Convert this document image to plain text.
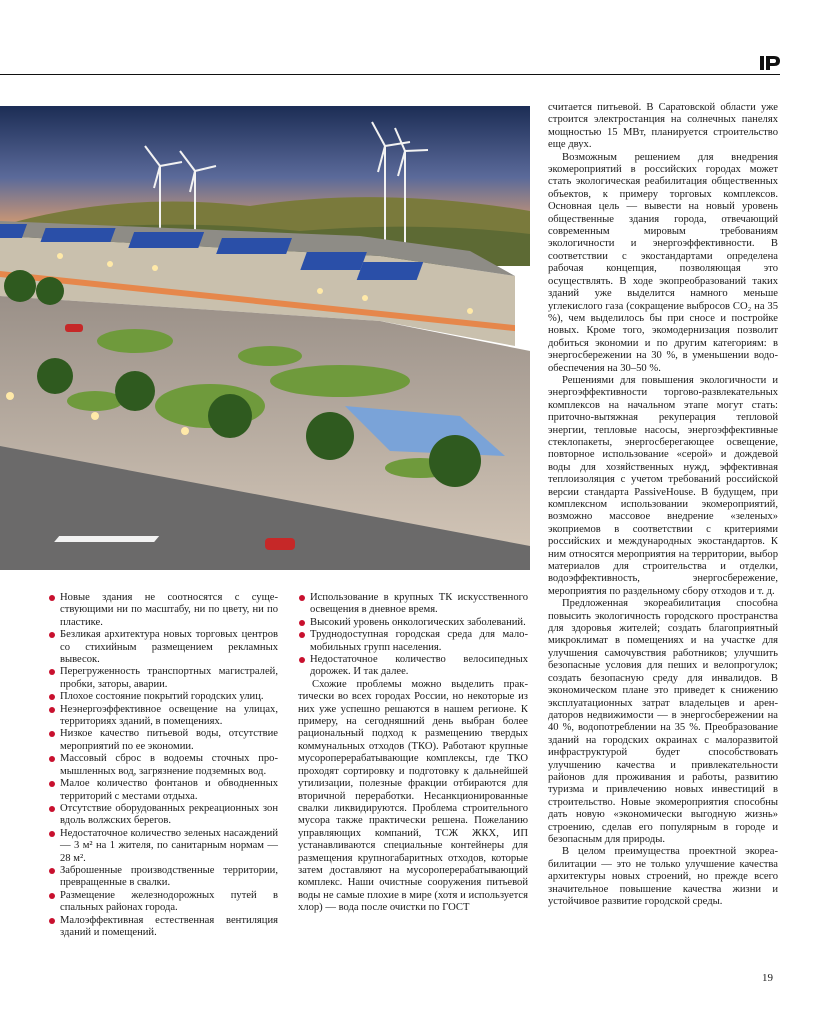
Новые здания не соотносятся с существующими ни по масштабу, ни по цвету, ни по пластике.

Безликая архитектура новых торговых центров со стихийным размещением рекламных вывесок.

Перегруженность транспортных магистралей, пробки, заторы, аварии.

Плохое состояние покрытий городских улиц.

Неэнергоэффективное освещение на улицах, территориях зданий, в помещениях.

Низкое качество питьевой воды, отсутствие мероприятий по ее экономии.

Массовый сброс в водоемы сточных промышленных вод, загрязнение подземных вод.

Малое количество фонтанов и обводненных территорий с местами отдыха.

Отсутствие оборудованных рекреационных зон вдоль волжских берегов.

Недостаточное количество зеленых насаждений — 3 м² на 1 жителя, по санитарным нормам — 28 м².

Заброшенные производственные территории, превращенные в свалки.

Размещение железнодорожных путей в спальных районах города.

Малоэффективная естественная вентиляция зданий и помещений.

Использование в крупных ТК искусственного освещения в дневное время.

Высокий уровень онкологических заболеваний.

Труднодоступная городская среда для маломобильных групп населения.

Недостаточное количество велосипедных дорожек. И так далее.

Схожие проблемы можно выделить практически во всех городах России, но некоторые из них уже успешно решаются в нашем регионе. К примеру, на сегодняшний день выбран более рациональный подход к размещению твердых коммунальных отходов (ТКО). Работают крупные мусороперерабатывающие комплексы, где ТКО проходят сортировку и подготовку к дальнейшей утилизации, полезные фракции отбираются для вторичной переработки. Несанкционированные свалки ликвидируются. Проблема строительного мусора также практически решена. Пожеланию управляющих компаний, ТСЖ ЖКХ, ИП устанавливаются специальные контейнеры для размещения крупногабаритных отходов, которые затем доставляют на мусороперерабатывающий комплекс. Наши очистные сооружения питьевой воды не самые плохие в мире (хотя и используется хлор) — вода после очистки по ГОСТ

считается питьевой. В Саратовской области уже строится электростанция на солнечных панелях мощностью 15 МВт, планируется строительство еще двух.

Возможным решением для внедрения экомероприятий в российских городах может стать экологическая реабилитация общественных объектов, к примеру торговых комплексов. Основная цель — вывести на новый уровень общественные здания города, отвечающий современным мировым требованиям экологичности и энергоэффективности. В соответствии с экостандартами определена рабочая концепция, позволяющая это осуществлять. В ходе экопреобразований таких зданий уже выделится намного меньше углекислого газа (сокращение выбросов CO₂ на 35 %), чем выделилось бы при сносе и постройке новых. Кроме того, экомодернизация позволит добиться экономии и по другим категориям: в энергосбережении на 30 %, в уменьшении водообеспечения на 30–50 %.

Решениями для повышения экологичности и энергоэффективности торгово-развлекательных комплексов на начальном этапе могут стать: приточно-вытяжная рекуперация тепловой энергии, тепловые насосы, энергоэффективные стеклопакеты, энергосберегающее освещение, повторное использование «серой» и дождевой воды для хозяйственных нужд, эффективная теплоизоляция с учетом требований российской версии стандарта PassiveHouse. В будущем, при комплексном использовании экомероприятий, возможно массовое внедрение «зеленых» экоприемов в соответствии с критериями российских и международных экостандартов. К ним относятся мероприятия на территории, выбор материалов для строительства и отделки, водоэффективность, энергосбережение, мероприятия по раздельному сбору отходов и т. д.

Предложенная экореабилитация способна повысить экологичность городского пространства для здоровья жителей; создать благоприятный микроклимат в помещениях и на участке для улучшения самочувствия работников; улучшить безопасные условия для пеших и велопрогулок; создать безопасную среду для инвалидов. В экономическом плане это приведет к снижению эксплуатационных затрат владельцев и арендаторов недвижимости — в энергосбережении на 40 %, водопотреблении на 35 %. Преобразование зданий на городских окраинах с малоразвитой инфраструктурой будет способствовать улучшению качества и привлекательности районов для проживания и работы, развитию туризма и привлечению новых инвестиций в строительство. Новые экомероприятия способны дать новую «экономически выгодную жизнь» строению, сделав его популярным в городе и безопасным для природы.

В целом преимущества проектной экореабилитации — это не только улучшение качества архитектуры новых строений, но прежде всего значительное повышение качества жизни и устойчивое развитие городской среды.

19
